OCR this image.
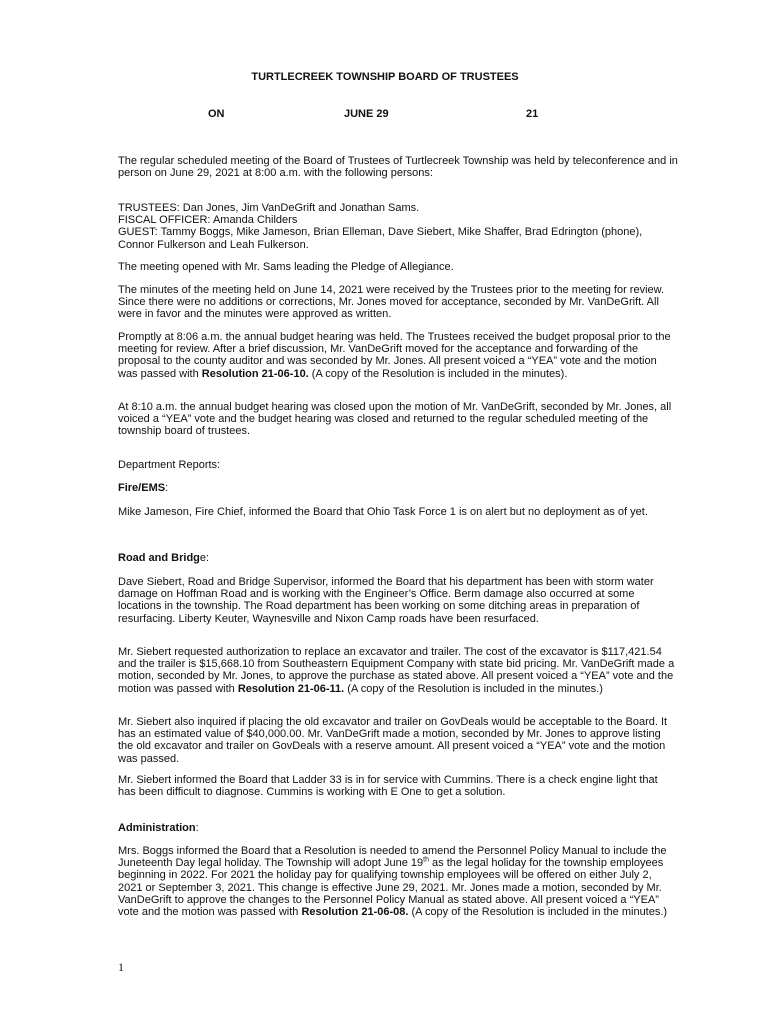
TURTLECREEK TOWNSHIP BOARD OF TRUSTEES
ON	JUNE 29	21

The regular scheduled meeting of the Board of Trustees of Turtlecreek Township was held by teleconference and in person on June 29, 2021 at 8:00 a.m. with the following persons:

TRUSTEES: Dan Jones, Jim VanDeGrift and Jonathan Sams.

FISCAL OFFICER: Amanda Childers

GUEST: Tammy Boggs, Mike Jameson, Brian Elleman, Dave Siebert, Mike Shaffer, Brad Edrington (phone), Connor Fulkerson and Leah Fulkerson.

The meeting opened with Mr. Sams leading the Pledge of Allegiance.

The minutes of the meeting held on June 14, 2021 were received by the Trustees prior to the meeting for review. Since there were no additions or corrections, Mr. Jones moved for acceptance, seconded by Mr. VanDeGrift. All were in favor and the minutes were approved as written.

Promptly at 8:06 a.m. the annual budget hearing was held. The Trustees received the budget proposal prior to the meeting for review. After a brief discussion, Mr. VanDeGrift moved for the acceptance and forwarding of the proposal to the county auditor and was seconded by Mr. Jones. All present voiced a “YEA” vote and the motion was passed with Resolution 21-06-10. (A copy of the Resolution is included in the minutes).

At 8:10 a.m. the annual budget hearing was closed upon the motion of Mr. VanDeGrift, seconded by Mr. Jones, all voiced a “YEA” vote and the budget hearing was closed and returned to the regular scheduled meeting of the township board of trustees.

Department Reports:

Fire/EMS:

Mike Jameson, Fire Chief, informed the Board that Ohio Task Force 1 is on alert but no deployment as of yet.

Road and Bridge:

Dave Siebert, Road and Bridge Supervisor, informed the Board that his department has been with storm water damage on Hoffman Road and is working with the Engineer’s Office. Berm damage also occurred at some locations in the township. The Road department has been working on some ditching areas in preparation of resurfacing. Liberty Keuter, Waynesville and Nixon Camp roads have been resurfaced.

Mr. Siebert requested authorization to replace an excavator and trailer. The cost of the excavator is $117,421.54 and the trailer is $15,668.10 from Southeastern Equipment Company with state bid pricing. Mr. VanDeGrift made a motion, seconded by Mr. Jones, to approve the purchase as stated above. All present voiced a “YEA” vote and the motion was passed with Resolution 21-06-11. (A copy of the Resolution is included in the minutes.)

Mr. Siebert also inquired if placing the old excavator and trailer on GovDeals would be acceptable to the Board. It has an estimated value of $40,000.00. Mr. VanDeGrift made a motion, seconded by Mr. Jones to approve listing the old excavator and trailer on GovDeals with a reserve amount. All present voiced a “YEA” vote and the motion was passed.

Mr. Siebert informed the Board that Ladder 33 is in for service with Cummins. There is a check engine light that has been difficult to diagnose. Cummins is working with E One to get a solution.

Administration:

Mrs. Boggs informed the Board that a Resolution is needed to amend the Personnel Policy Manual to include the Juneteenth Day legal holiday. The Township will adopt June 19th as the legal holiday for the township employees beginning in 2022. For 2021 the holiday pay for qualifying township employees will be offered on either July 2, 2021 or September 3, 2021. This change is effective June 29, 2021. Mr. Jones made a motion, seconded by Mr. VanDeGrift to approve the changes to the Personnel Policy Manual as stated above. All present voiced a “YEA” vote and the motion was passed with Resolution 21-06-08. (A copy of the Resolution is included in the minutes.)

1
